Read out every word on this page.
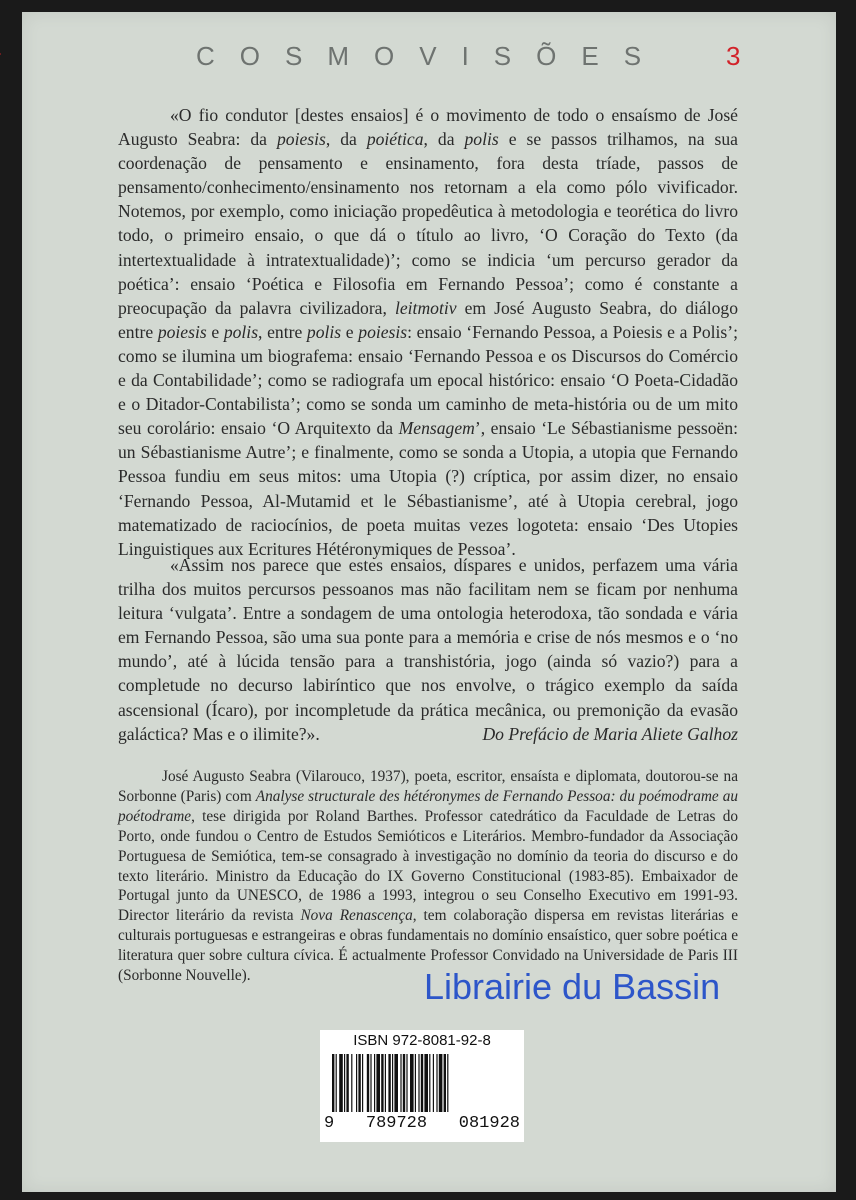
COSMOVISÕES 3

«O fio condutor [destes ensaios] é o movimento de todo o ensaísmo de José Augusto Seabra: da poiesis, da poiética, da polis e se passos trilhamos, na sua coordenação de pensamento e ensinamento, fora desta tríade, passos de pensamento/conhecimento/ensinamento nos retornam a ela como pólo vivificador. Notemos, por exemplo, como iniciação propedêutica à metodologia e teorética do livro todo, o primeiro ensaio, o que dá o título ao livro, ‘O Coração do Texto (da intertextualidade à intratextualidade)’; como se indicia ‘um percurso gerador da poética’: ensaio ‘Poética e Filosofia em Fernando Pessoa’; como é constante a preocupação da palavra civilizadora, leitmotiv em José Augusto Seabra, do diálogo entre poiesis e polis, entre polis e poiesis: ensaio ‘Fernando Pessoa, a Poiesis e a Polis’; como se ilumina um biografema: ensaio ‘Fernando Pessoa e os Discursos do Comércio e da Contabilidade’; como se radiografa um epocal histórico: ensaio ‘O Poeta-Cidadão e o Ditador-Contabilista’; como se sonda um caminho de meta-história ou de um mito seu corolário: ensaio ‘O Arquitexto da Mensagem’, ensaio ‘Le Sébastianisme pessoën: un Sébastianisme Autre’; e finalmente, como se sonda a Utopia, a utopia que Fernando Pessoa fundiu em seus mitos: uma Utopia (?) críptica, por assim dizer, no ensaio ‘Fernando Pessoa, Al-Mutamid et le Sébastianisme’, até à Utopia cerebral, jogo matematizado de raciocínios, de poeta muitas vezes logoteta: ensaio ‘Des Utopies Linguistiques aux Ecritures Hétéronymiques de Pessoa’.

«Assim nos parece que estes ensaios, díspares e unidos, perfazem uma vária trilha dos muitos percursos pessoanos mas não facilitam nem se ficam por nenhuma leitura ‘vulgata’. Entre a sondagem de uma ontologia heterodoxa, tão sondada e vária em Fernando Pessoa, são uma sua ponte para a memória e crise de nós mesmos e o ‘no mundo’, até à lúcida tensão para a transhistória, jogo (ainda só vazio?) para a completude no decurso labiríntico que nos envolve, o trágico exemplo da saída ascensional (Ícaro), por incompletude da prática mecânica, ou premonição da evasão galáctica? Mas e o ilimite?».	Do Prefácio de Maria Aliete Galhoz

José Augusto Seabra (Vilarouco, 1937), poeta, escritor, ensaísta e diplomata, doutorou-se na Sorbonne (Paris) com Analyse structurale des hétéronymes de Fernando Pessoa: du poémodrame au poétodrame, tese dirigida por Roland Barthes. Professor catedrático da Faculdade de Letras do Porto, onde fundou o Centro de Estudos Semióticos e Literários. Membro-fundador da Associação Portuguesa de Semiótica, tem-se consagrado à investigação no domínio da teoria do discurso e do texto literário. Ministro da Educação do IX Governo Constitucional (1983-85). Embaixador de Portugal junto da UNESCO, de 1986 a 1993, integrou o seu Conselho Executivo em 1991-93. Director literário da revista Nova Renascença, tem colaboração dispersa em revistas literárias e culturais portuguesas e estrangeiras e obras fundamentais no domínio ensaístico, quer sobre poética e literatura quer sobre cultura cívica. É actualmente Professor Convidado na Universidade de Paris III (Sorbonne Nouvelle).	Librairie du Bassin
ISBN 972-8081-92-8
9 789728 081928
